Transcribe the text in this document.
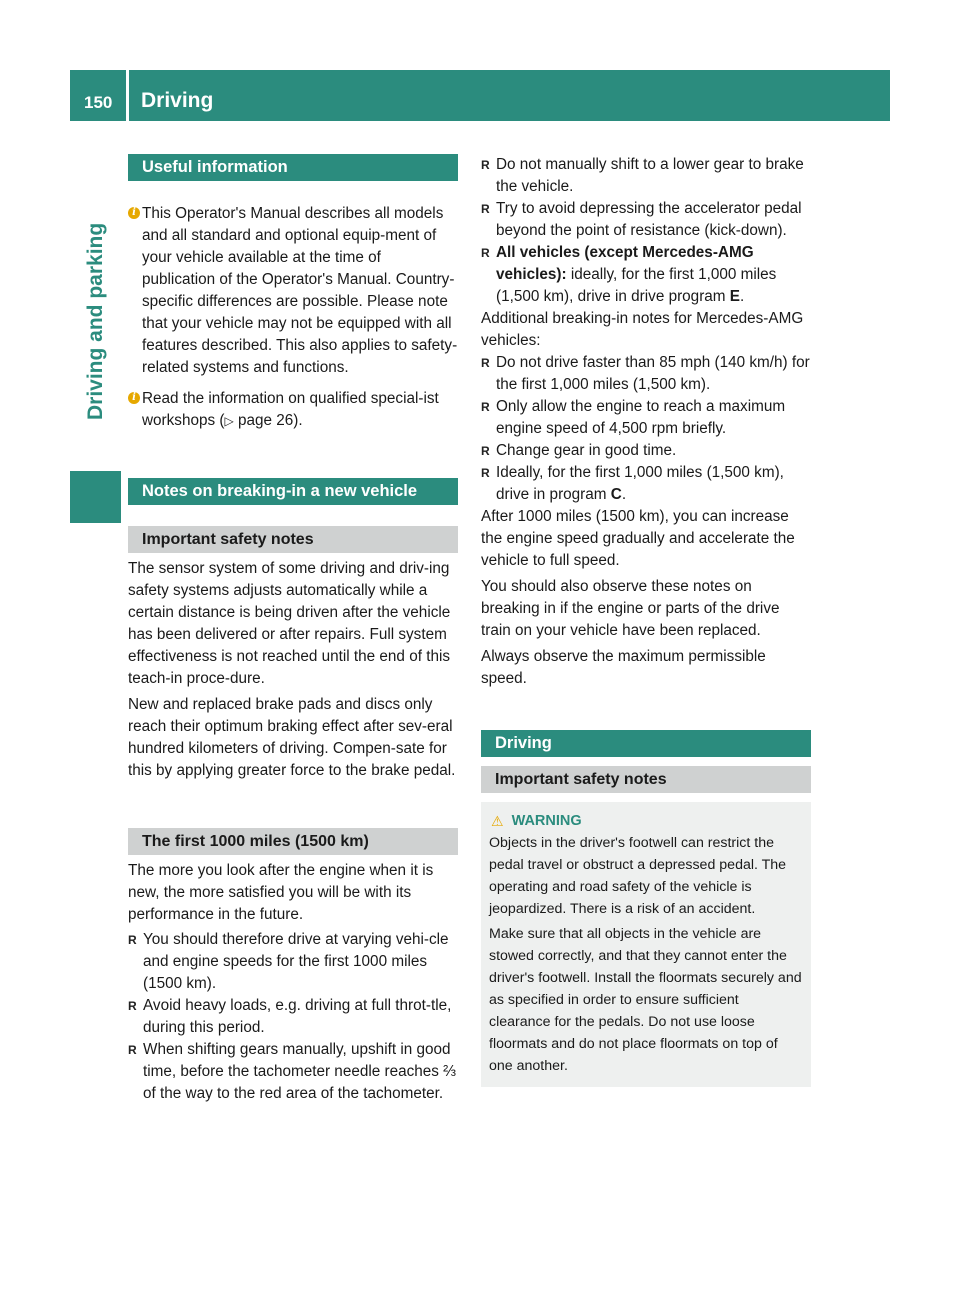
150 Driving
Driving and parking
Useful information

i This Operator's Manual describes all models and all standard and optional equip-ment of your vehicle available at the time of publication of the Operator's Manual. Country-specific differences are possible. Please note that your vehicle may not be equipped with all features described. This also applies to safety-related systems and functions.

i Read the information on qualified special-ist workshops (▷ page 26).

Notes on breaking-in a new vehicle
Important safety notes

The sensor system of some driving and driv-ing safety systems adjusts automatically while a certain distance is being driven after the vehicle has been delivered or after repairs. Full system effectiveness is not reached until the end of this teach-in proce-dure.

New and replaced brake pads and discs only reach their optimum braking effect after sev-eral hundred kilometers of driving. Compen-sate for this by applying greater force to the brake pedal.

The first 1000 miles (1500 km)

The more you look after the engine when it is new, the more satisfied you will be with its performance in the future.

R You should therefore drive at varying vehi-cle and engine speeds for the first 1000 miles (1500 km).
R Avoid heavy loads, e.g. driving at full throt-tle, during this period.
R When shifting gears manually, upshift in good time, before the tachometer needle reaches ⅔ of the way to the red area of the tachometer.
R Do not manually shift to a lower gear to brake the vehicle.
R Try to avoid depressing the accelerator pedal beyond the point of resistance (kick-down).
R All vehicles (except Mercedes-AMG vehicles): ideally, for the first 1,000 miles (1,500 km), drive in drive program E.

Additional breaking-in notes for Mercedes-AMG vehicles:

R Do not drive faster than 85 mph (140 km/h) for the first 1,000 miles (1,500 km).
R Only allow the engine to reach a maximum engine speed of 4,500 rpm briefly.
R Change gear in good time.
R Ideally, for the first 1,000 miles (1,500 km), drive in program C.

After 1000 miles (1500 km), you can increase the engine speed gradually and accelerate the vehicle to full speed.

You should also observe these notes on breaking in if the engine or parts of the drive train on your vehicle have been replaced.

Always observe the maximum permissible speed.

Driving
Important safety notes
⚠ WARNING

Objects in the driver's footwell can restrict the pedal travel or obstruct a depressed pedal. The operating and road safety of the vehicle is jeopardized. There is a risk of an accident.

Make sure that all objects in the vehicle are stowed correctly, and that they cannot enter the driver's footwell. Install the floormats securely and as specified in order to ensure sufficient clearance for the pedals. Do not use loose floormats and do not place floormats on top of one another.
